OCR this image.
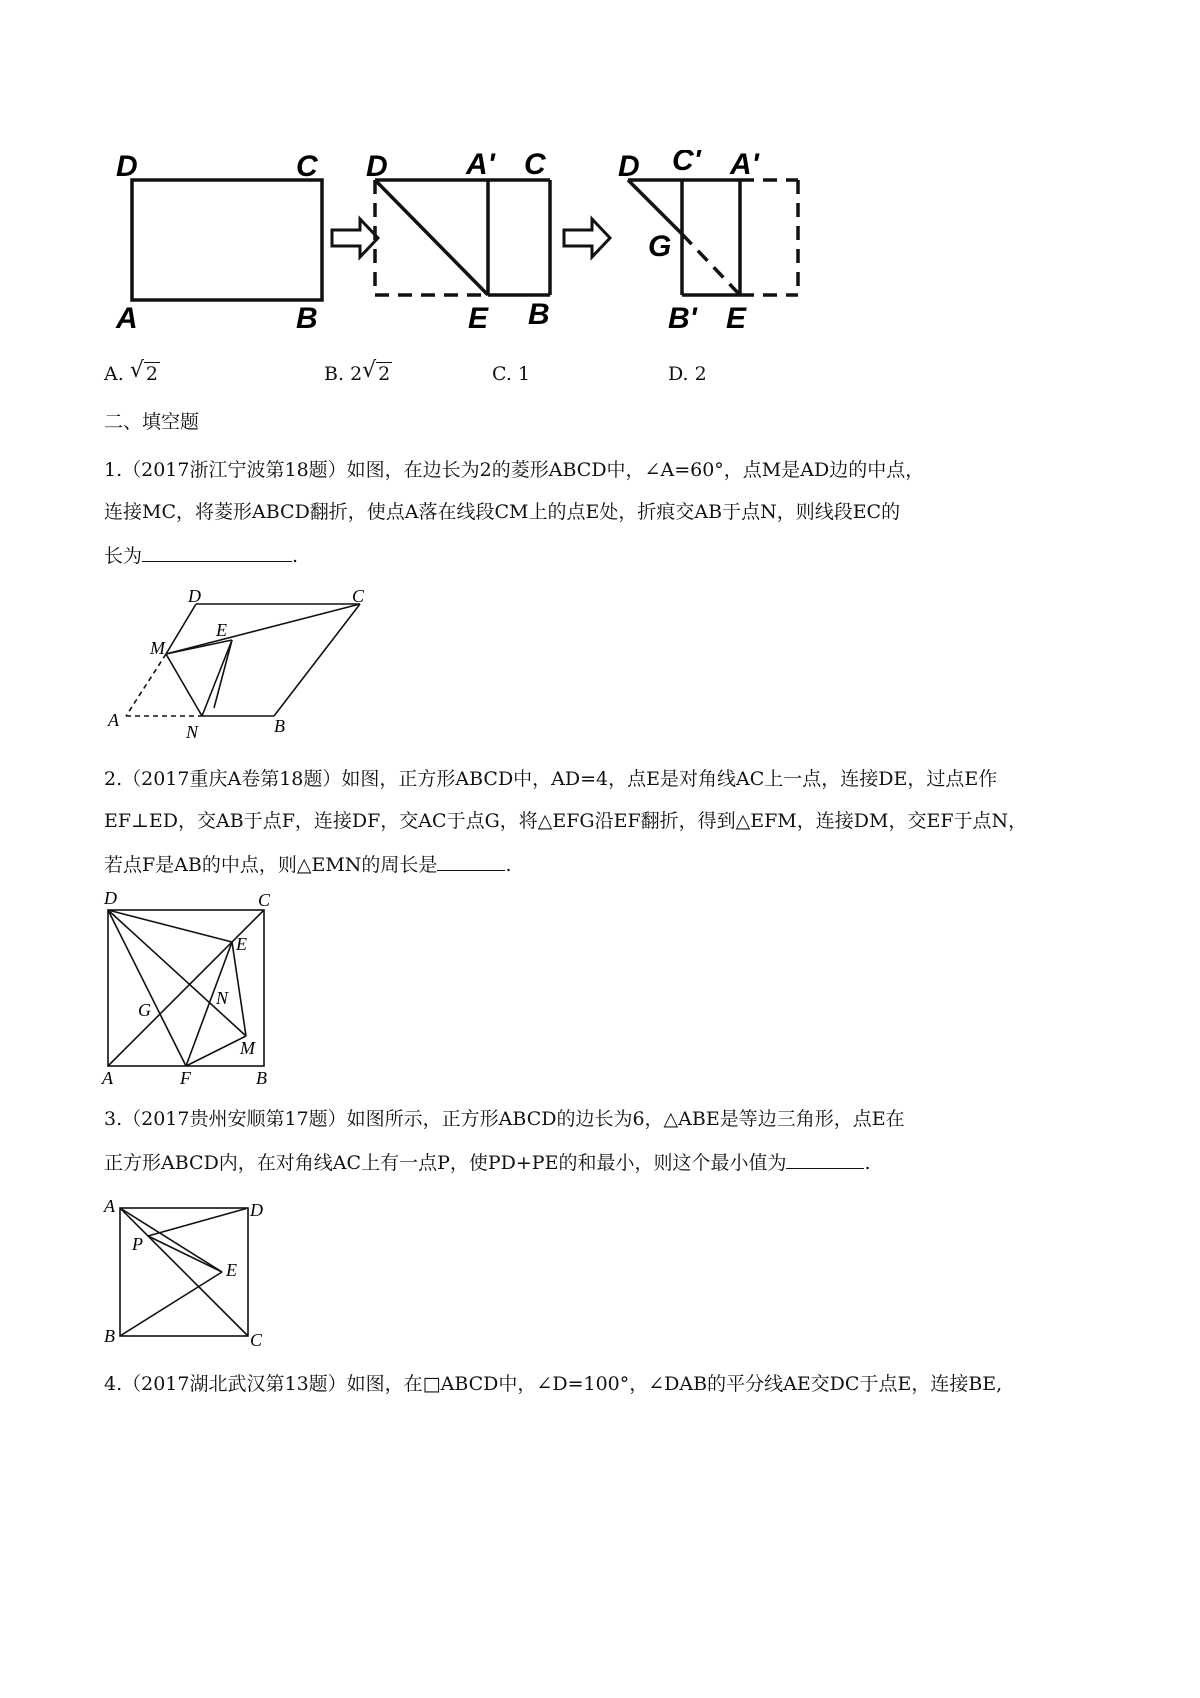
D	C
A	B
D	A' C
E B
D C' A'
G
B' E
A. √ 2	B. 2 √ 2	C. 1	D. 2
二、填空题
1.（2017浙江宁波第18题）如图，在边长为2的菱形ABCD中，∠A=60°，点M是AD边的中点，
连接MC，将菱形ABCD翻折，使点A落在线段CM上的点E处，折痕交AB于点N，则线段EC的
长为	.
D	C
E
M
A
N	B
2.（2017重庆A卷第18题）如图，正方形ABCD中，AD=4，点E是对角线AC上一点，连接DE，过点E作
EF⊥ED，交AB于点F，连接DF，交AC于点G，将△EFG沿EF翻折，得到△EFM，连接DM，交EF于点N，
若点F是AB的中点，则△EMN的周长是	.
D	C
E
G
N
M
A	F	B
3.（2017贵州安顺第17题）如图所示，正方形ABCD的边长为6，△ABE是等边三角形，点E在
正方形ABCD内，在对角线AC上有一点P，使PD+PE的和最小，则这个最小值为	.
A	D
P
E
B	C
4.（2017湖北武汉第13题）如图，在□ABCD中，∠D=100°，∠DAB的平分线AE交DC于点E，连接BE,
